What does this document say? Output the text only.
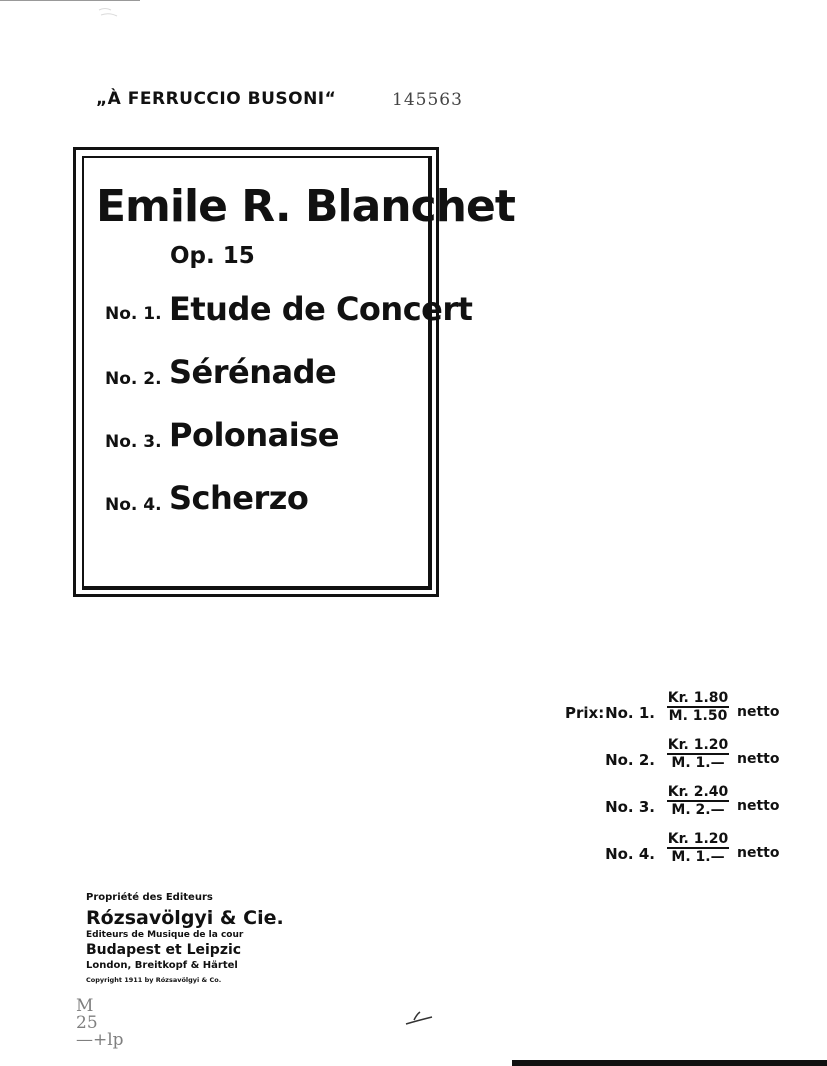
„À FERRUCCIO BUSONI“	145563
Emile R. Blanchet
Op. 15
No. 1. Etude de Concert
No. 2. Sérénade
No. 3. Polonaise
No. 4. Scherzo
Prix: No. 1. $\frac{Kr. 1.80}{M. 1.50}$ netto
No. 2. $\frac{Kr. 1.20}{M. 1.—}$ netto
No. 3. $\frac{Kr. 2.40}{M. 2.—}$ netto
No. 4. $\frac{Kr. 1.20}{M. 1.—}$ netto
Propriété des Editeurs
Rózsavölgyi & Cie.
Editeurs de Musique de la cour
Budapest et Leipzic
London, Breitkopf & Härtel
Copyright 1911 by Rózsavölgyi & Co.
M
25
—+lp
